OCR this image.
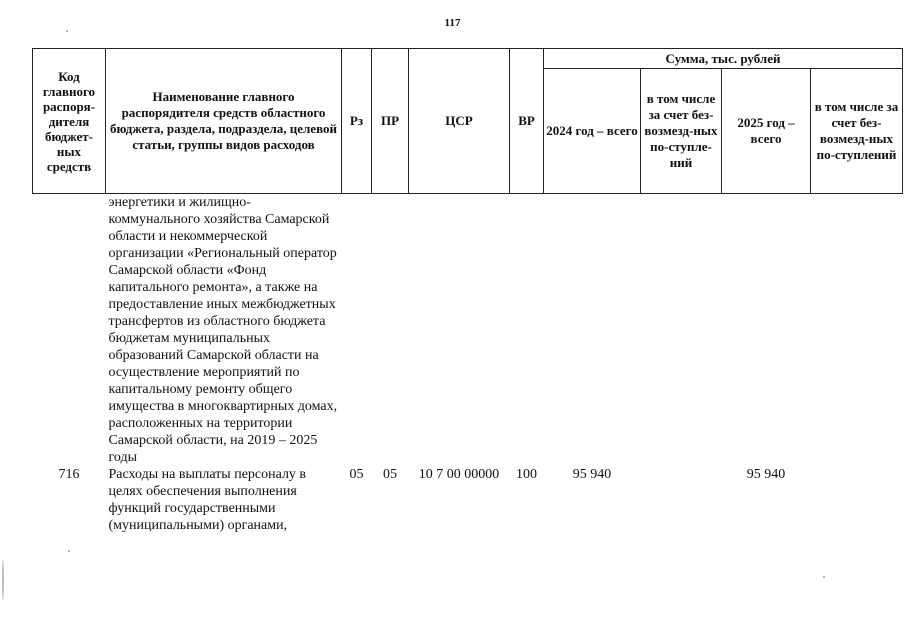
117
Код главного распоря-дителя бюджет-ных средств	Наименование главного распорядителя средств областного бюджета, раздела, подраздела, целевой статьи, группы видов расходов	Рз	ПР	ЦСР	ВР	Сумма, тыс. рублей			
						2024 год – всего	в том числе за счет без-возмезд-ных по-ступле-ний	2025 год – всего	в том числе за счет без-возмезд-ных по-ступлений
	энергетики и жилищно-коммунального хозяйства Самарской области и некоммерческой организации «Региональный оператор Самарской области «Фонд капитального ремонта», а также на предоставление иных межбюджетных трансфертов из областного бюджета бюджетам муниципальных образований Самарской области на осуществление мероприятий по капитальному ремонту общего имущества в многоквартирных домах, расположенных на территории Самарской области, на 2019 – 2025 годы								
716	Расходы на выплаты персоналу в целях обеспечения выполнения функций государственными (муниципальными) органами,	05	05	10 7 00 00000	100	95 940		95 940	
